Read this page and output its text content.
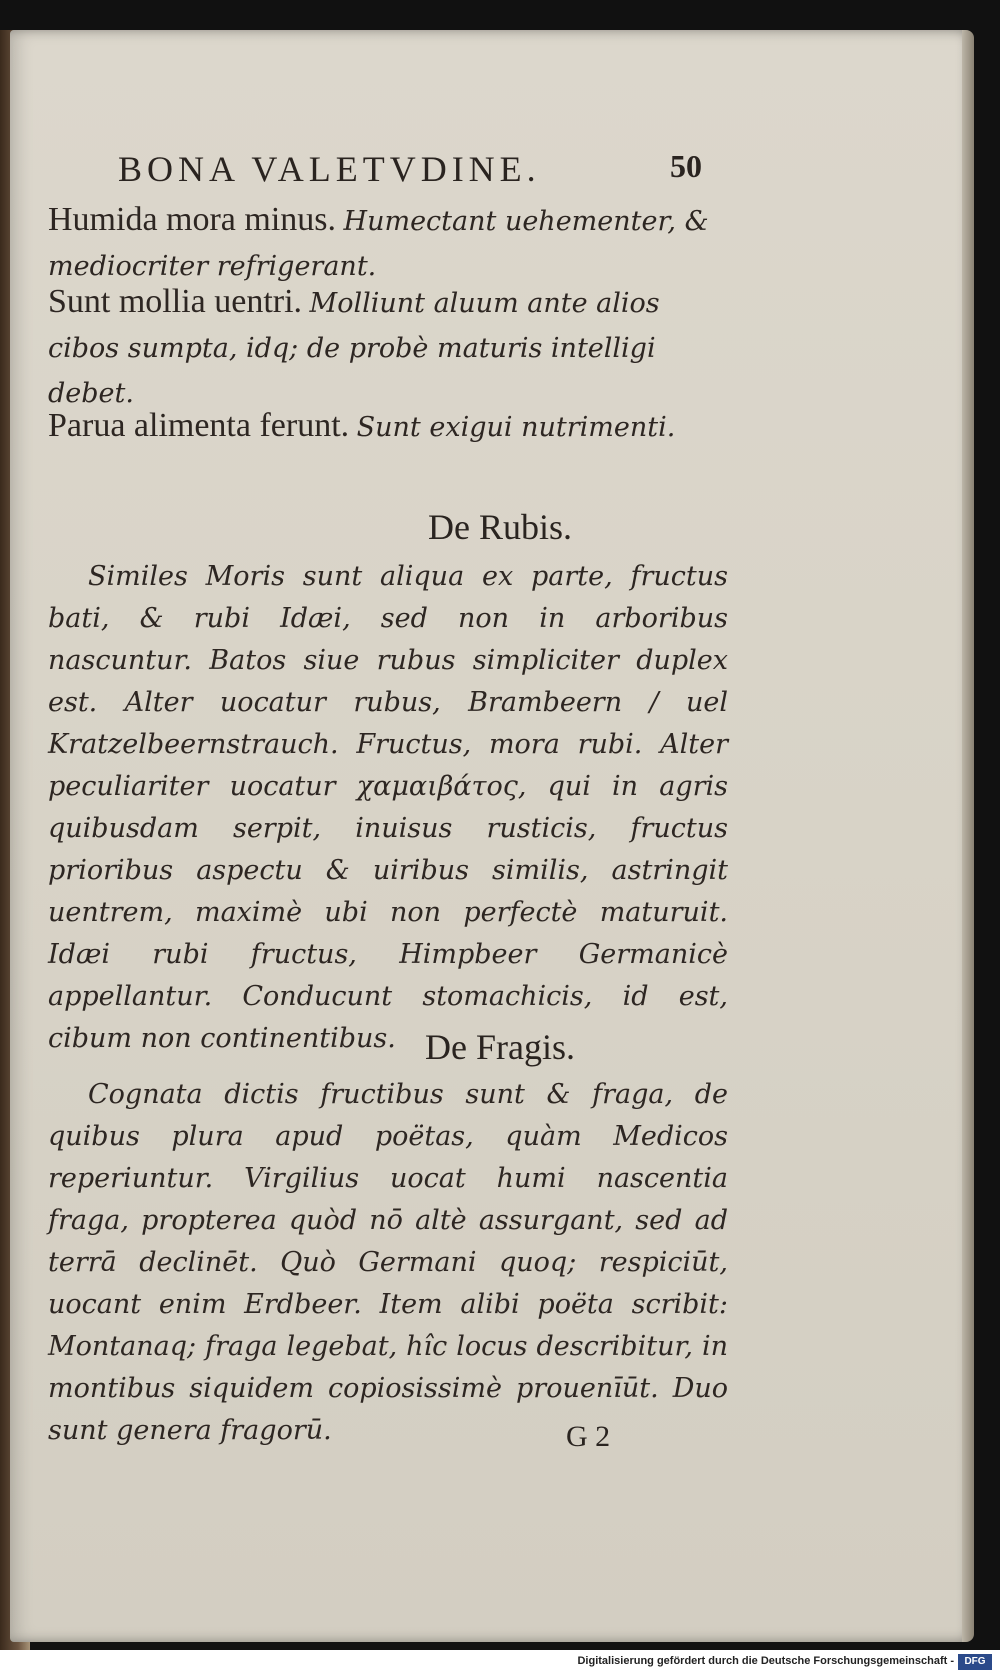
BONA VALETVDINE.	50
Humida mora minus. Humectant uehementer, & mediocriter refrigerant.
Sunt mollia uentri. Molliunt aluum ante alios cibos sumpta, idq; de probè maturis intelligi debet.
Parua alimenta ferunt. Sunt exigui nutrimenti.
De Rubis.
Similes Moris sunt aliqua ex parte, fructus bati, & rubi Idæi, sed non in arboribus nascuntur. Batos siue rubus simpliciter duplex est. Alter uocatur rubus, Brambeern / uel Kratzelbeernstrauch. Fructus, mora rubi. Alter peculiariter uocatur χαμαιβάτος, qui in agris quibusdam serpit, inuisus rusticis, fructus prioribus aspectu & uiribus similis, astringit uentrem, maximè ubi non perfectè maturuit. Idæi rubi fructus, Himpbeer Germanicè appellantur. Conducunt stomachicis, id est, cibum non continentibus. De Fragis.
Cognata dictis fructibus sunt & fraga, de quibus plura apud poëtas, quàm Medicos reperiuntur. Virgilius uocat humi nascentia fraga, propterea quòd nō altè assurgant, sed ad terrā declinēt. Quò Germani quoq; respiciūt, uocant enim Erdbeer. Item alibi poëta scribit: Montanaq; fraga legebat, hîc locus describitur, in montibus siquidem copiosissimè prouenīūt. Duo sunt genera fragorū.	G 2
Digitalisierung gefördert durch die Deutsche Forschungsgemeinschaft -	DFG
